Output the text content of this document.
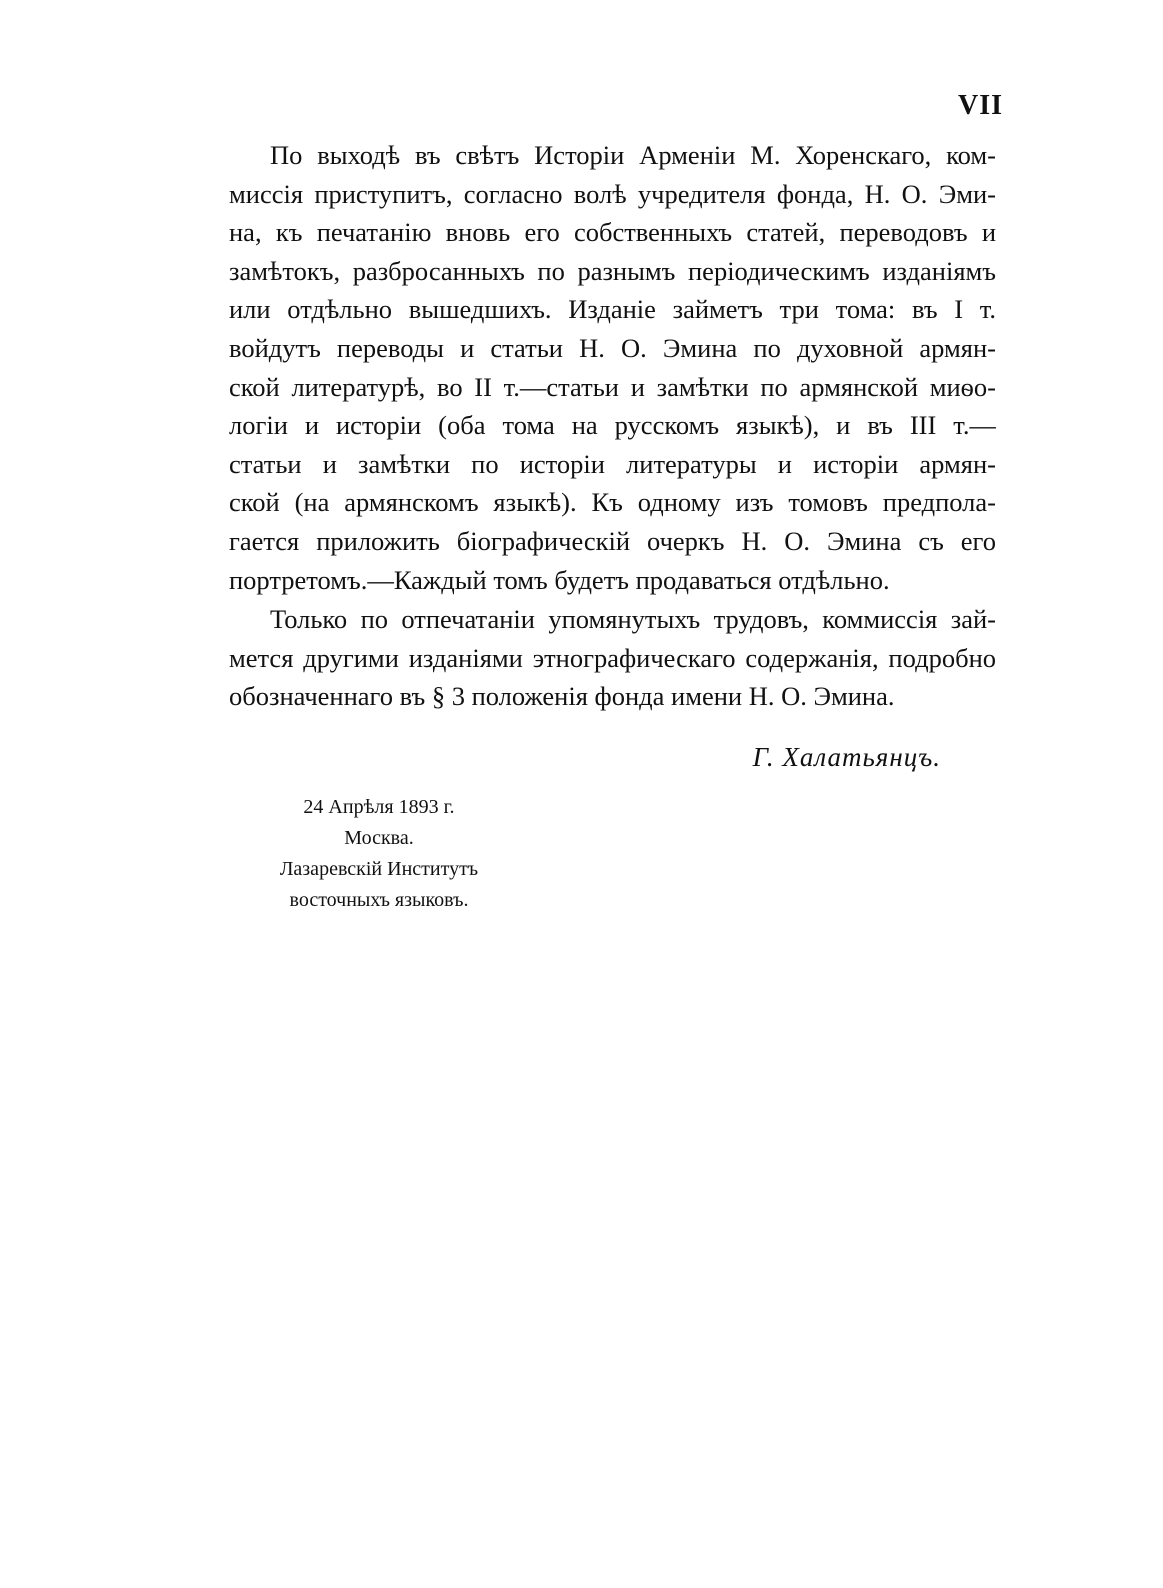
VII
По выходѣ въ свѣтъ Исторіи Арменіи М. Хоренскаго, ком-
миссія приступитъ, согласно волѣ учредителя фонда, Н. О. Эми-
на, къ печатанію вновь его собственныхъ статей, переводовъ и
замѣтокъ, разбросанныхъ по разнымъ періодическимъ изданіямъ
или отдѣльно вышедшихъ. Изданіе займетъ три тома: въ I т.
войдутъ переводы и статьи Н. О. Эмина по духовной армян-
ской литературѣ, во II т.—статьи и замѣтки по армянской миѳо-
логіи и исторіи (оба тома на русскомъ языкѣ), и въ III т.—
статьи и замѣтки по исторіи литературы и исторіи армян-
ской (на армянскомъ языкѣ). Къ одному изъ томовъ предпола-
гается приложить біографическій очеркъ Н. О. Эмина съ его
портретомъ.—Каждый томъ будетъ продаваться отдѣльно.
Только по отпечатаніи упомянутыхъ трудовъ, коммиссія зай-
мется другими изданіями этнографическаго содержанія, подробно
обозначеннаго въ § 3 положенія фонда имени Н. О. Эмина.
Г. Халатьянцъ.
24 Апрѣля 1893 г.
Москва.
Лазаревскій Институтъ
восточныхъ языковъ.
